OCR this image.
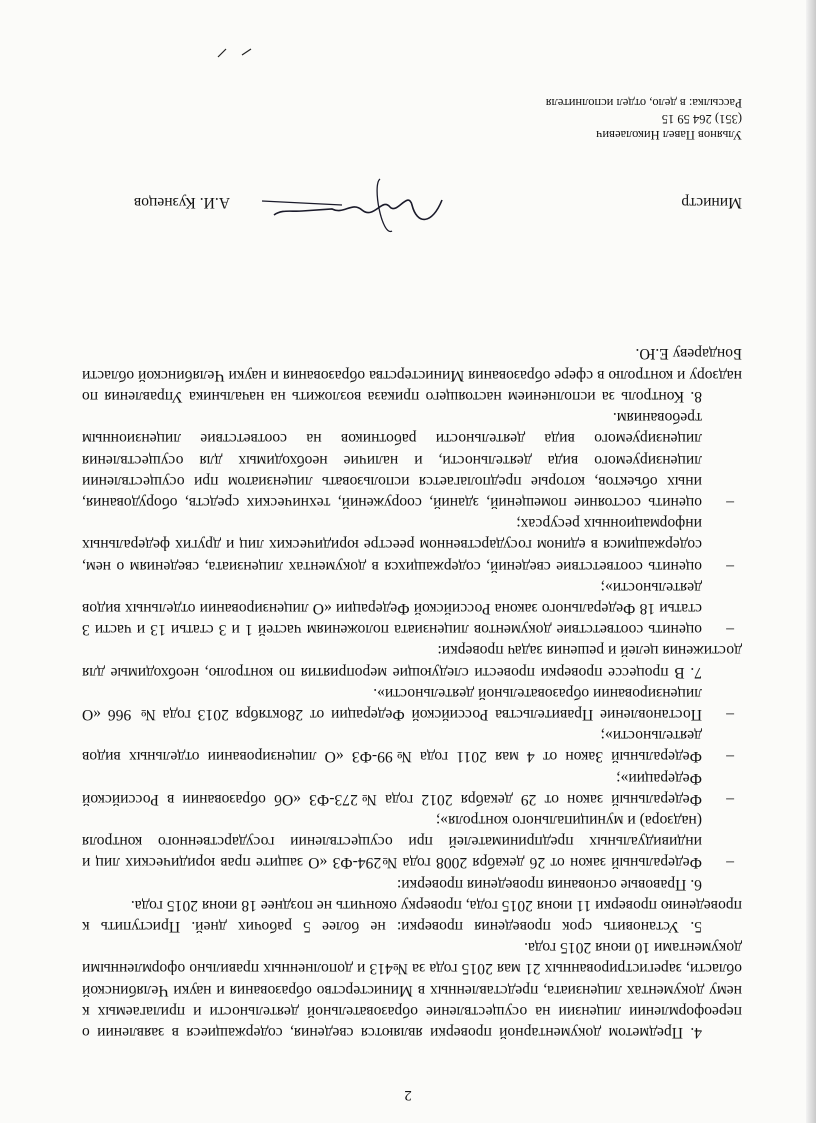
2

4. Предметом документарной проверки являются сведения, содержащиеся в заявлении о переоформлении лицензии на осуществление образовательной деятельности и прилагаемых к нему документах лицензиата, представленных в Министерство образования и науки Челябинской области, зарегистрированных 21 мая 2015 года за №413 и дополненных правильно оформленными документами 10 июня 2015 года.

5. Установить срок проведения проверки: не более 5 рабочих дней. Приступить к проведению проверки 11 июня 2015 года, проверку окончить не позднее 18 июня 2015 года.

6. Правовые основания проведения проверки:

–
Федеральный закон от 26 декабря 2008 года №294-ФЗ «О защите прав юридических лиц и индивидуальных предпринимателей при осуществлении государственного контроля (надзора) и муниципального контроля»;

–
Федеральный закон от 29 декабря 2012 года №273-ФЗ «Об образовании в Российской Федерации»;

–
Федеральный Закон от 4 мая 2011 года №99-ФЗ «О лицензировании отдельных видов деятельности»;

–
Постановление Правительства Российской Федерации от 28октября 2013 года № 966 «О лицензировании образовательной деятельности».

7. В процессе проверки провести следующие мероприятия по контролю, необходимые для достижения целей и решения задач проверки:

–
оценить соответствие документов лицензиата положениям частей 1 и 3 статьи 13 и части 3 статьи 18 Федерального закона Российской Федерации «О лицензировании отдельных видов деятельности»;

–
оценить соответствие сведений, содержащихся в документах лицензиата, сведениям о нем, содержащимся в едином государственном реестре юридических лиц и других федеральных информационных ресурсах;

–
оценить состояние помещений, зданий, сооружений, технических средств, оборудования, иных объектов, которые предполагается использовать лицензиатом при осуществлении лицензируемого вида деятельности, и наличие необходимых для осуществления лицензируемого вида деятельности работников на соответствие лицензионным требованиям.

8. Контроль за исполнением настоящего приказа возложить на начальника Управления по надзору и контролю в сфере образования Министерства образования и науки Челябинской области Бондареву Е.Ю.

Министр
А.И. Кузнецов
Ульянов Павел Николаевич
(351) 264 59 15
Рассылка: в дело, отдел исполнителя
